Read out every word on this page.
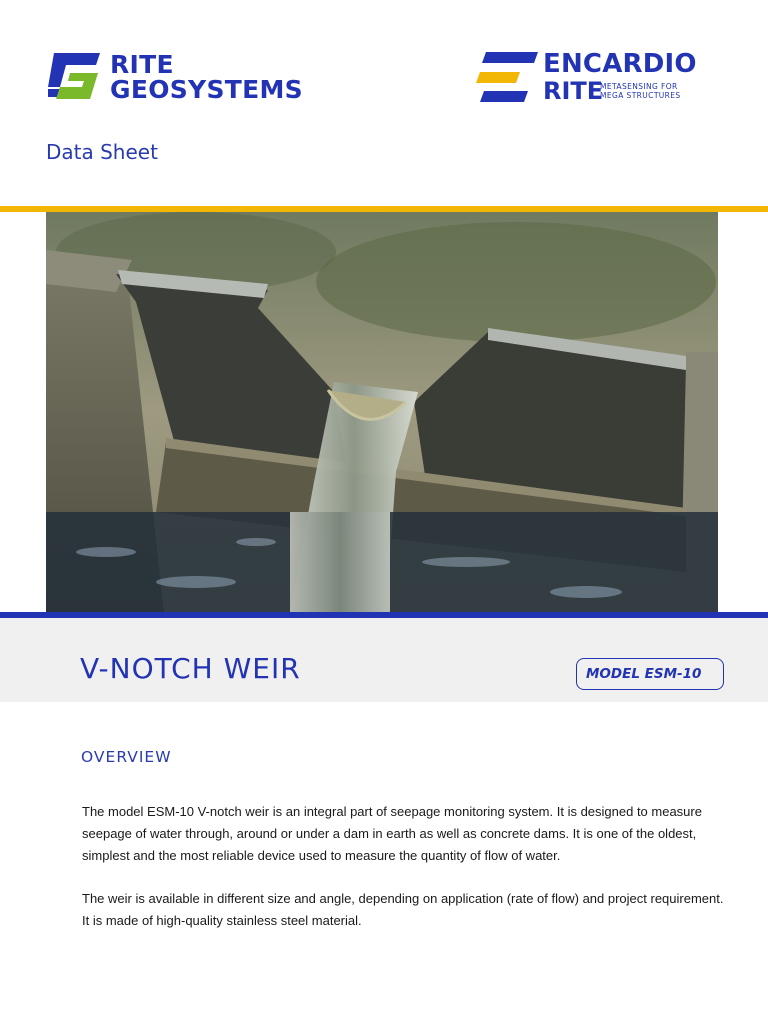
RITE
GEOSYSTEMS
ENCARDIO
RITE
METASENSING FOR
MEGA STRUCTURES
Data Sheet
V-NOTCH WEIR	MODEL ESM-10
OVERVIEW

The model ESM-10 V-notch weir is an integral part of seepage monitoring system. It is designed to measure seepage of water through, around or under a dam in earth as well as concrete dams. It is one of the oldest, simplest and the most reliable device used to measure the quantity of flow of water.

The weir is available in different size and angle, depending on application (rate of flow) and project requirement. It is made of high-quality stainless steel material.
